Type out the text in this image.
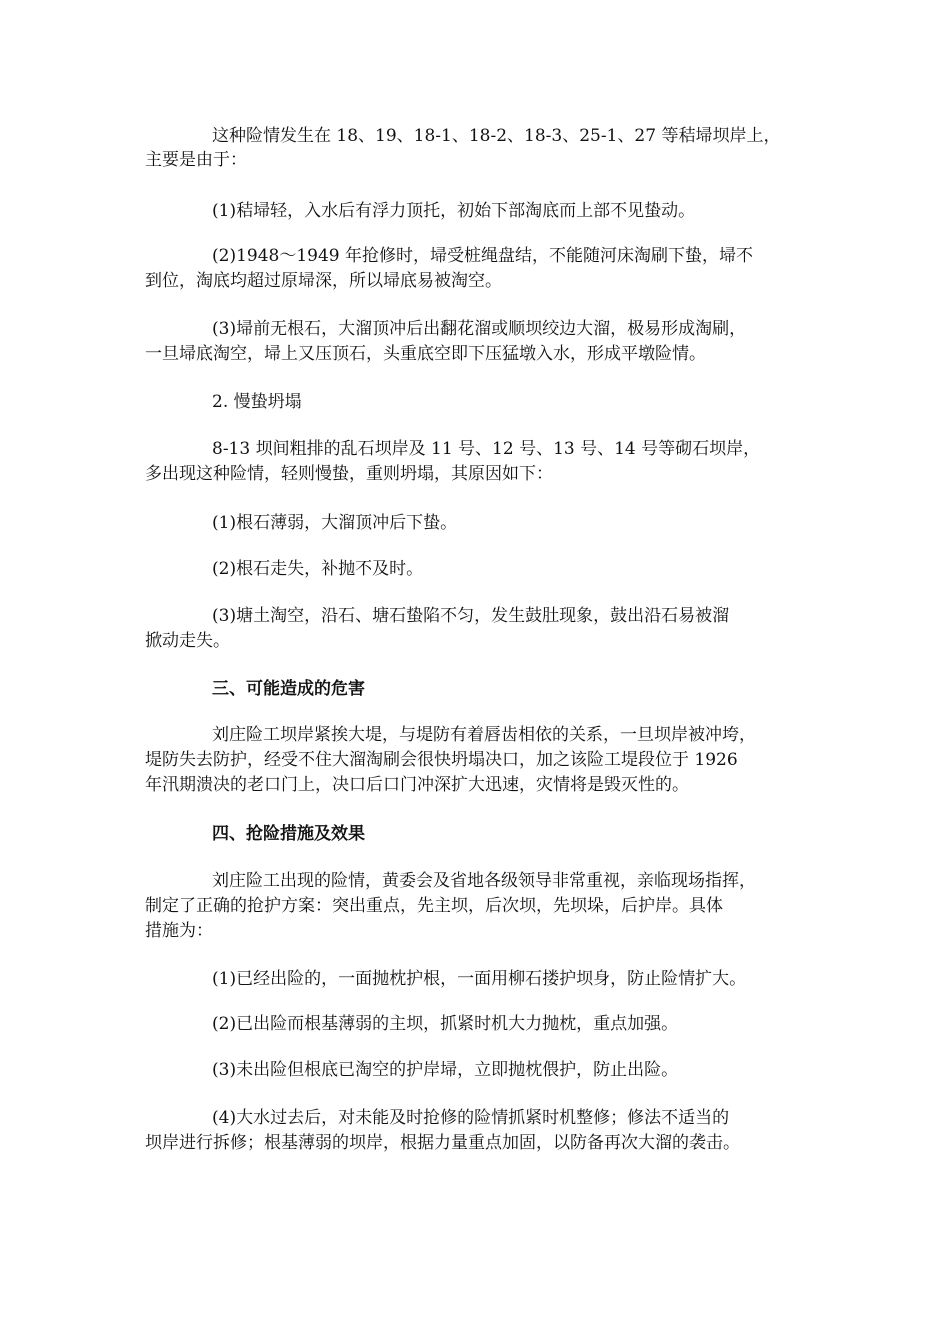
这种险情发生在 18、19、18-1、18-2、18-3、25-1、27 等秸埽坝岸上，
主要是由于：
(1)秸埽轻，入水后有浮力顶托，初始下部淘底而上部不见蛰动。
(2)1948～1949 年抢修时，埽受桩绳盘结，不能随河床淘刷下蛰，埽不
到位，淘底均超过原埽深，所以埽底易被淘空。
(3)埽前无根石，大溜顶冲后出翻花溜或顺坝绞边大溜，极易形成淘刷，
一旦埽底淘空，埽上又压顶石，头重底空即下压猛墩入水，形成平墩险情。
2. 慢蛰坍塌
8-13 坝间粗排的乱石坝岸及 11 号、12 号、13 号、14 号等砌石坝岸，
多出现这种险情，轻则慢蛰，重则坍塌，其原因如下：
(1)根石薄弱，大溜顶冲后下蛰。
(2)根石走失，补抛不及时。
(3)塘土淘空，沿石、塘石蛰陷不匀，发生鼓肚现象，鼓出沿石易被溜
掀动走失。
三、可能造成的危害
刘庄险工坝岸紧挨大堤，与堤防有着唇齿相依的关系，一旦坝岸被冲垮，
堤防失去防护，经受不住大溜淘刷会很快坍塌决口，加之该险工堤段位于 1926
年汛期溃决的老口门上，决口后口门冲深扩大迅速，灾情将是毁灭性的。
四、抢险措施及效果
刘庄险工出现的险情，黄委会及省地各级领导非常重视，亲临现场指挥，
制定了正确的抢护方案：突出重点，先主坝，后次坝，先坝垛，后护岸。具体
措施为：
(1)已经出险的，一面抛枕护根，一面用柳石搂护坝身，防止险情扩大。
(2)已出险而根基薄弱的主坝，抓紧时机大力抛枕，重点加强。
(3)未出险但根底已淘空的护岸埽，立即抛枕偎护，防止出险。
(4)大水过去后，对未能及时抢修的险情抓紧时机整修；修法不适当的
坝岸进行拆修；根基薄弱的坝岸，根据力量重点加固，以防备再次大溜的袭击。
